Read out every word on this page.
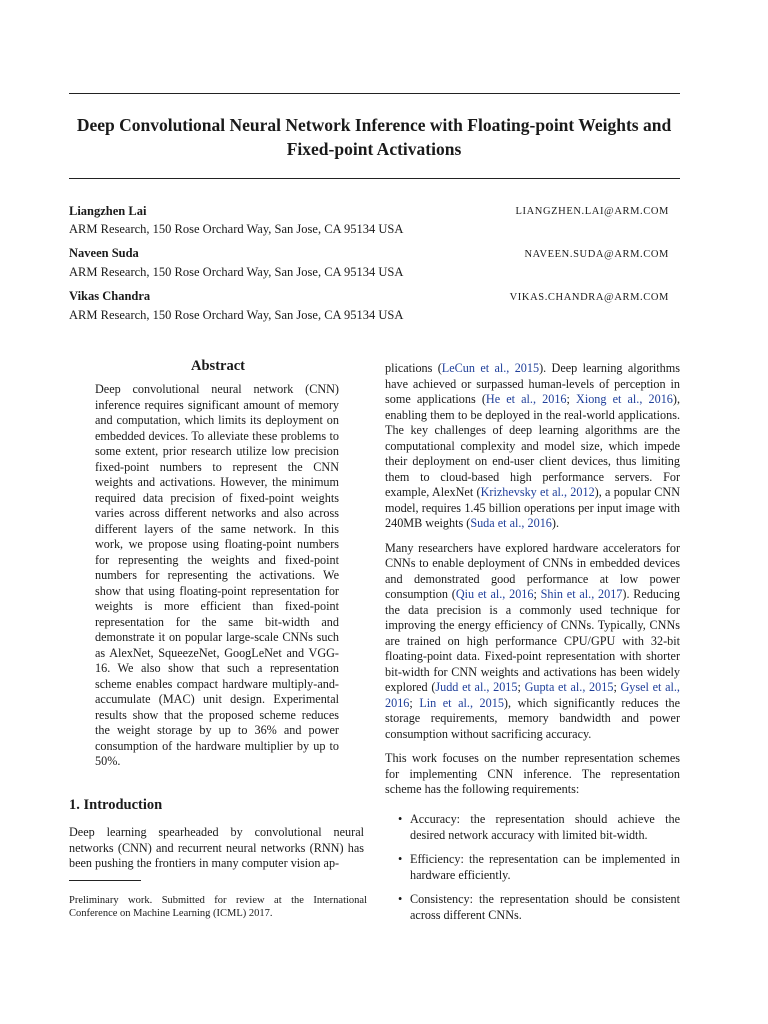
Deep Convolutional Neural Network Inference with Floating-point Weights and Fixed-point Activations
Liangzhen Lai	LIANGZHEN.LAI@ARM.COM
ARM Research, 150 Rose Orchard Way, San Jose, CA 95134 USA
Naveen Suda	NAVEEN.SUDA@ARM.COM
ARM Research, 150 Rose Orchard Way, San Jose, CA 95134 USA
Vikas Chandra	VIKAS.CHANDRA@ARM.COM
ARM Research, 150 Rose Orchard Way, San Jose, CA 95134 USA
Abstract
Deep convolutional neural network (CNN) inference requires significant amount of memory and computation, which limits its deployment on embedded devices. To alleviate these problems to some extent, prior research utilize low precision fixed-point numbers to represent the CNN weights and activations. However, the minimum required data precision of fixed-point weights varies across different networks and also across different layers of the same network. In this work, we propose using floating-point numbers for representing the weights and fixed-point numbers for representing the activations. We show that using floating-point representation for weights is more efficient than fixed-point representation for the same bit-width and demonstrate it on popular large-scale CNNs such as AlexNet, SqueezeNet, GoogLeNet and VGG-16. We also show that such a representation scheme enables compact hardware multiply-and-accumulate (MAC) unit design. Experimental results show that the proposed scheme reduces the weight storage by up to 36% and power consumption of the hardware multiplier by up to 50%.
1. Introduction
Deep learning spearheaded by convolutional neural networks (CNN) and recurrent neural networks (RNN) has been pushing the frontiers in many computer vision ap-
Preliminary work. Submitted for review at the International Conference on Machine Learning (ICML) 2017.

plications (LeCun et al., 2015). Deep learning algorithms have achieved or surpassed human-levels of perception in some applications (He et al., 2016; Xiong et al., 2016), enabling them to be deployed in the real-world applications. The key challenges of deep learning algorithms are the computational complexity and model size, which impede their deployment on end-user client devices, thus limiting them to cloud-based high performance servers. For example, AlexNet (Krizhevsky et al., 2012), a popular CNN model, requires 1.45 billion operations per input image with 240MB weights (Suda et al., 2016).

Many researchers have explored hardware accelerators for CNNs to enable deployment of CNNs in embedded devices and demonstrated good performance at low power consumption (Qiu et al., 2016; Shin et al., 2017). Reducing the data precision is a commonly used technique for improving the energy efficiency of CNNs. Typically, CNNs are trained on high performance CPU/GPU with 32-bit floating-point data. Fixed-point representation with shorter bit-width for CNN weights and activations has been widely explored (Judd et al., 2015; Gupta et al., 2015; Gysel et al., 2016; Lin et al., 2015), which significantly reduces the storage requirements, memory bandwidth and power consumption without sacrificing accuracy.

This work focuses on the number representation schemes for implementing CNN inference. The representation scheme has the following requirements:

• Accuracy: the representation should achieve the desired network accuracy with limited bit-width.
• Efficiency: the representation can be implemented in hardware efficiently.
• Consistency: the representation should be consistent across different CNNs.
